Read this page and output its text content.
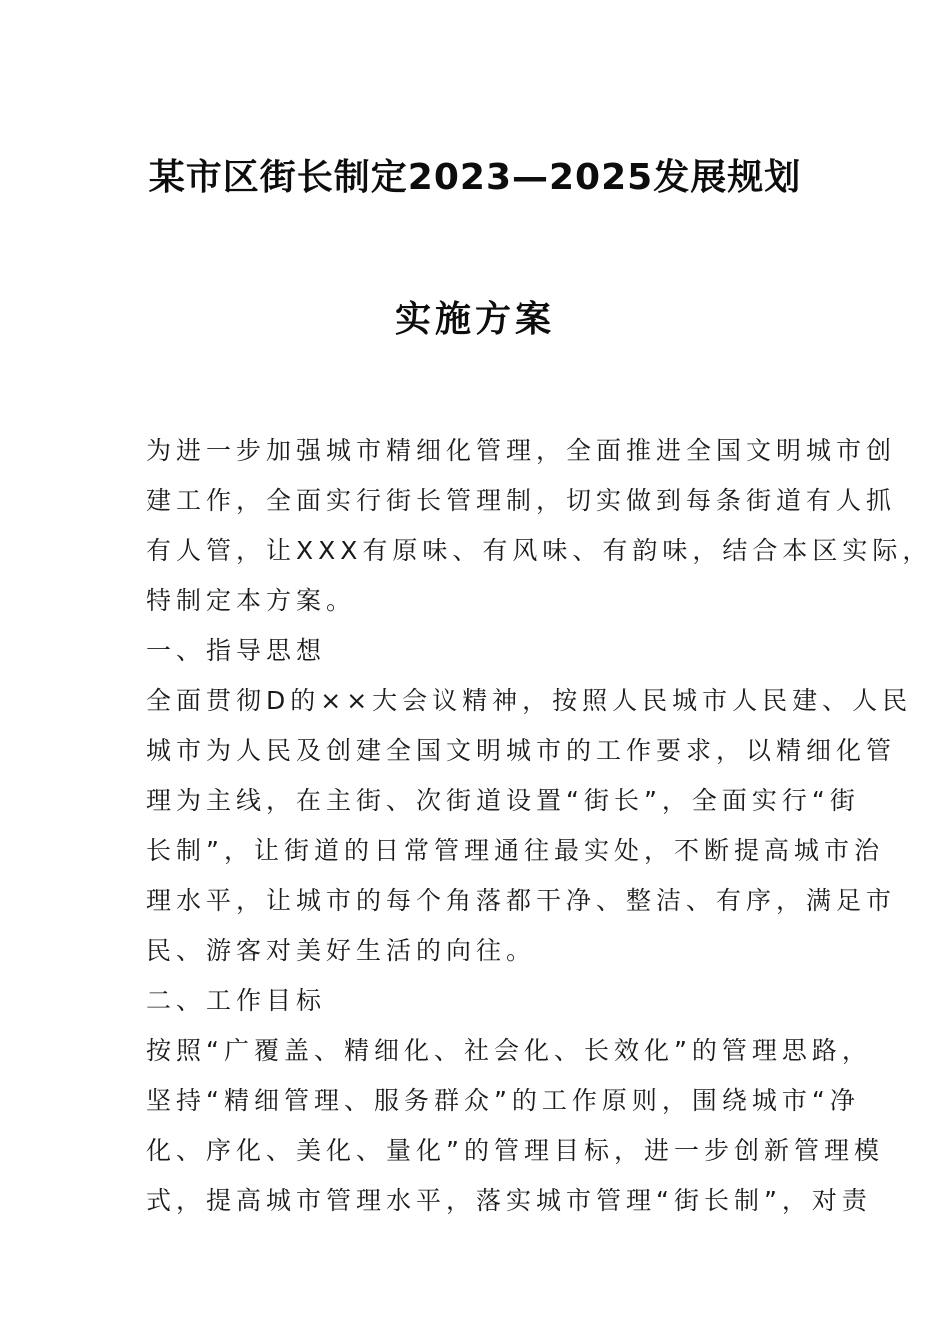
某市区街长制定2023—2025发展规划
实施方案
为进一步加强城市精细化管理，全面推进全国文明城市创
建工作，全面实行街长管理制，切实做到每条街道有人抓
有人管，让XXX有原味、有风味、有韵味，结合本区实际，
特制定本方案。
一、指导思想
全面贯彻D的××大会议精神，按照人民城市人民建、人民
城市为人民及创建全国文明城市的工作要求，以精细化管
理为主线，在主街、次街道设置“街长”，全面实行“街
长制”，让街道的日常管理通往最实处，不断提高城市治
理水平，让城市的每个角落都干净、整洁、有序，满足市
民、游客对美好生活的向往。
二、工作目标
按照“广覆盖、精细化、社会化、长效化”的管理思路，
坚持“精细管理、服务群众”的工作原则，围绕城市“净
化、序化、美化、量化”的管理目标，进一步创新管理模
式，提高城市管理水平，落实城市管理“街长制”，对责
